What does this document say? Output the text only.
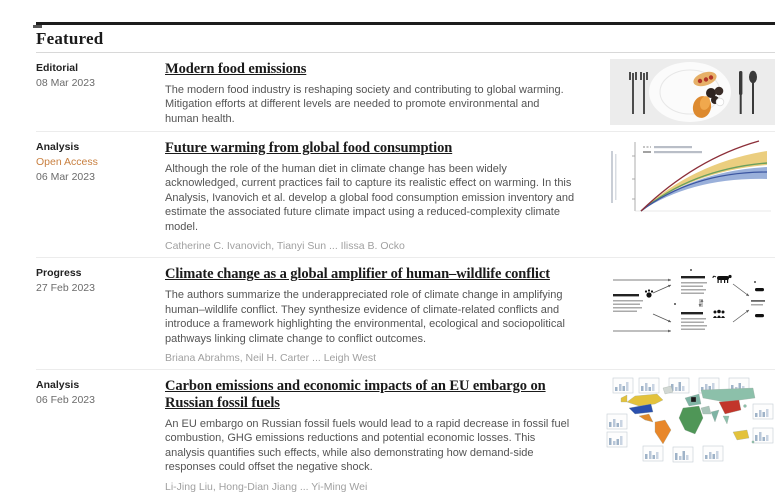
Featured
Editorial
08 Mar 2023
Modern food emissions

The modern food industry is reshaping society and contributing to global warming. Mitigation efforts at different levels are needed to promote environmental and human health.

Analysis
Open Access
06 Mar 2023
Future warming from global food consumption

Although the role of the human diet in climate change has been widely acknowledged, current practices fail to capture its realistic effect on warming. In this Analysis, Ivanovich et al. develop a global food consumption emission inventory and estimate the associated future climate impact using a reduced-complexity climate model.

Catherine C. Ivanovich, Tianyi Sun ... Ilissa B. Ocko

Progress
27 Feb 2023
Climate change as a global amplifier of human–wildlife conflict

The authors summarize the underappreciated role of climate change in amplifying human–wildlife conflict. They synthesize evidence of climate-related conflicts and introduce a framework highlighting the environmental, ecological and sociopolitical pathways linking climate change to conflict outcomes.

Briana Abrahms, Neil H. Carter ... Leigh West

Analysis
06 Feb 2023
Carbon emissions and economic impacts of an EU embargo on Russian fossil fuels

An EU embargo on Russian fossil fuels would lead to a rapid decrease in fossil fuel combustion, GHG emissions reductions and potential economic losses. This analysis quantifies such effects, while also demonstrating how demand-side responses could offset the negative shock.

Li-Jing Liu, Hong-Dian Jiang ... Yi-Ming Wei
